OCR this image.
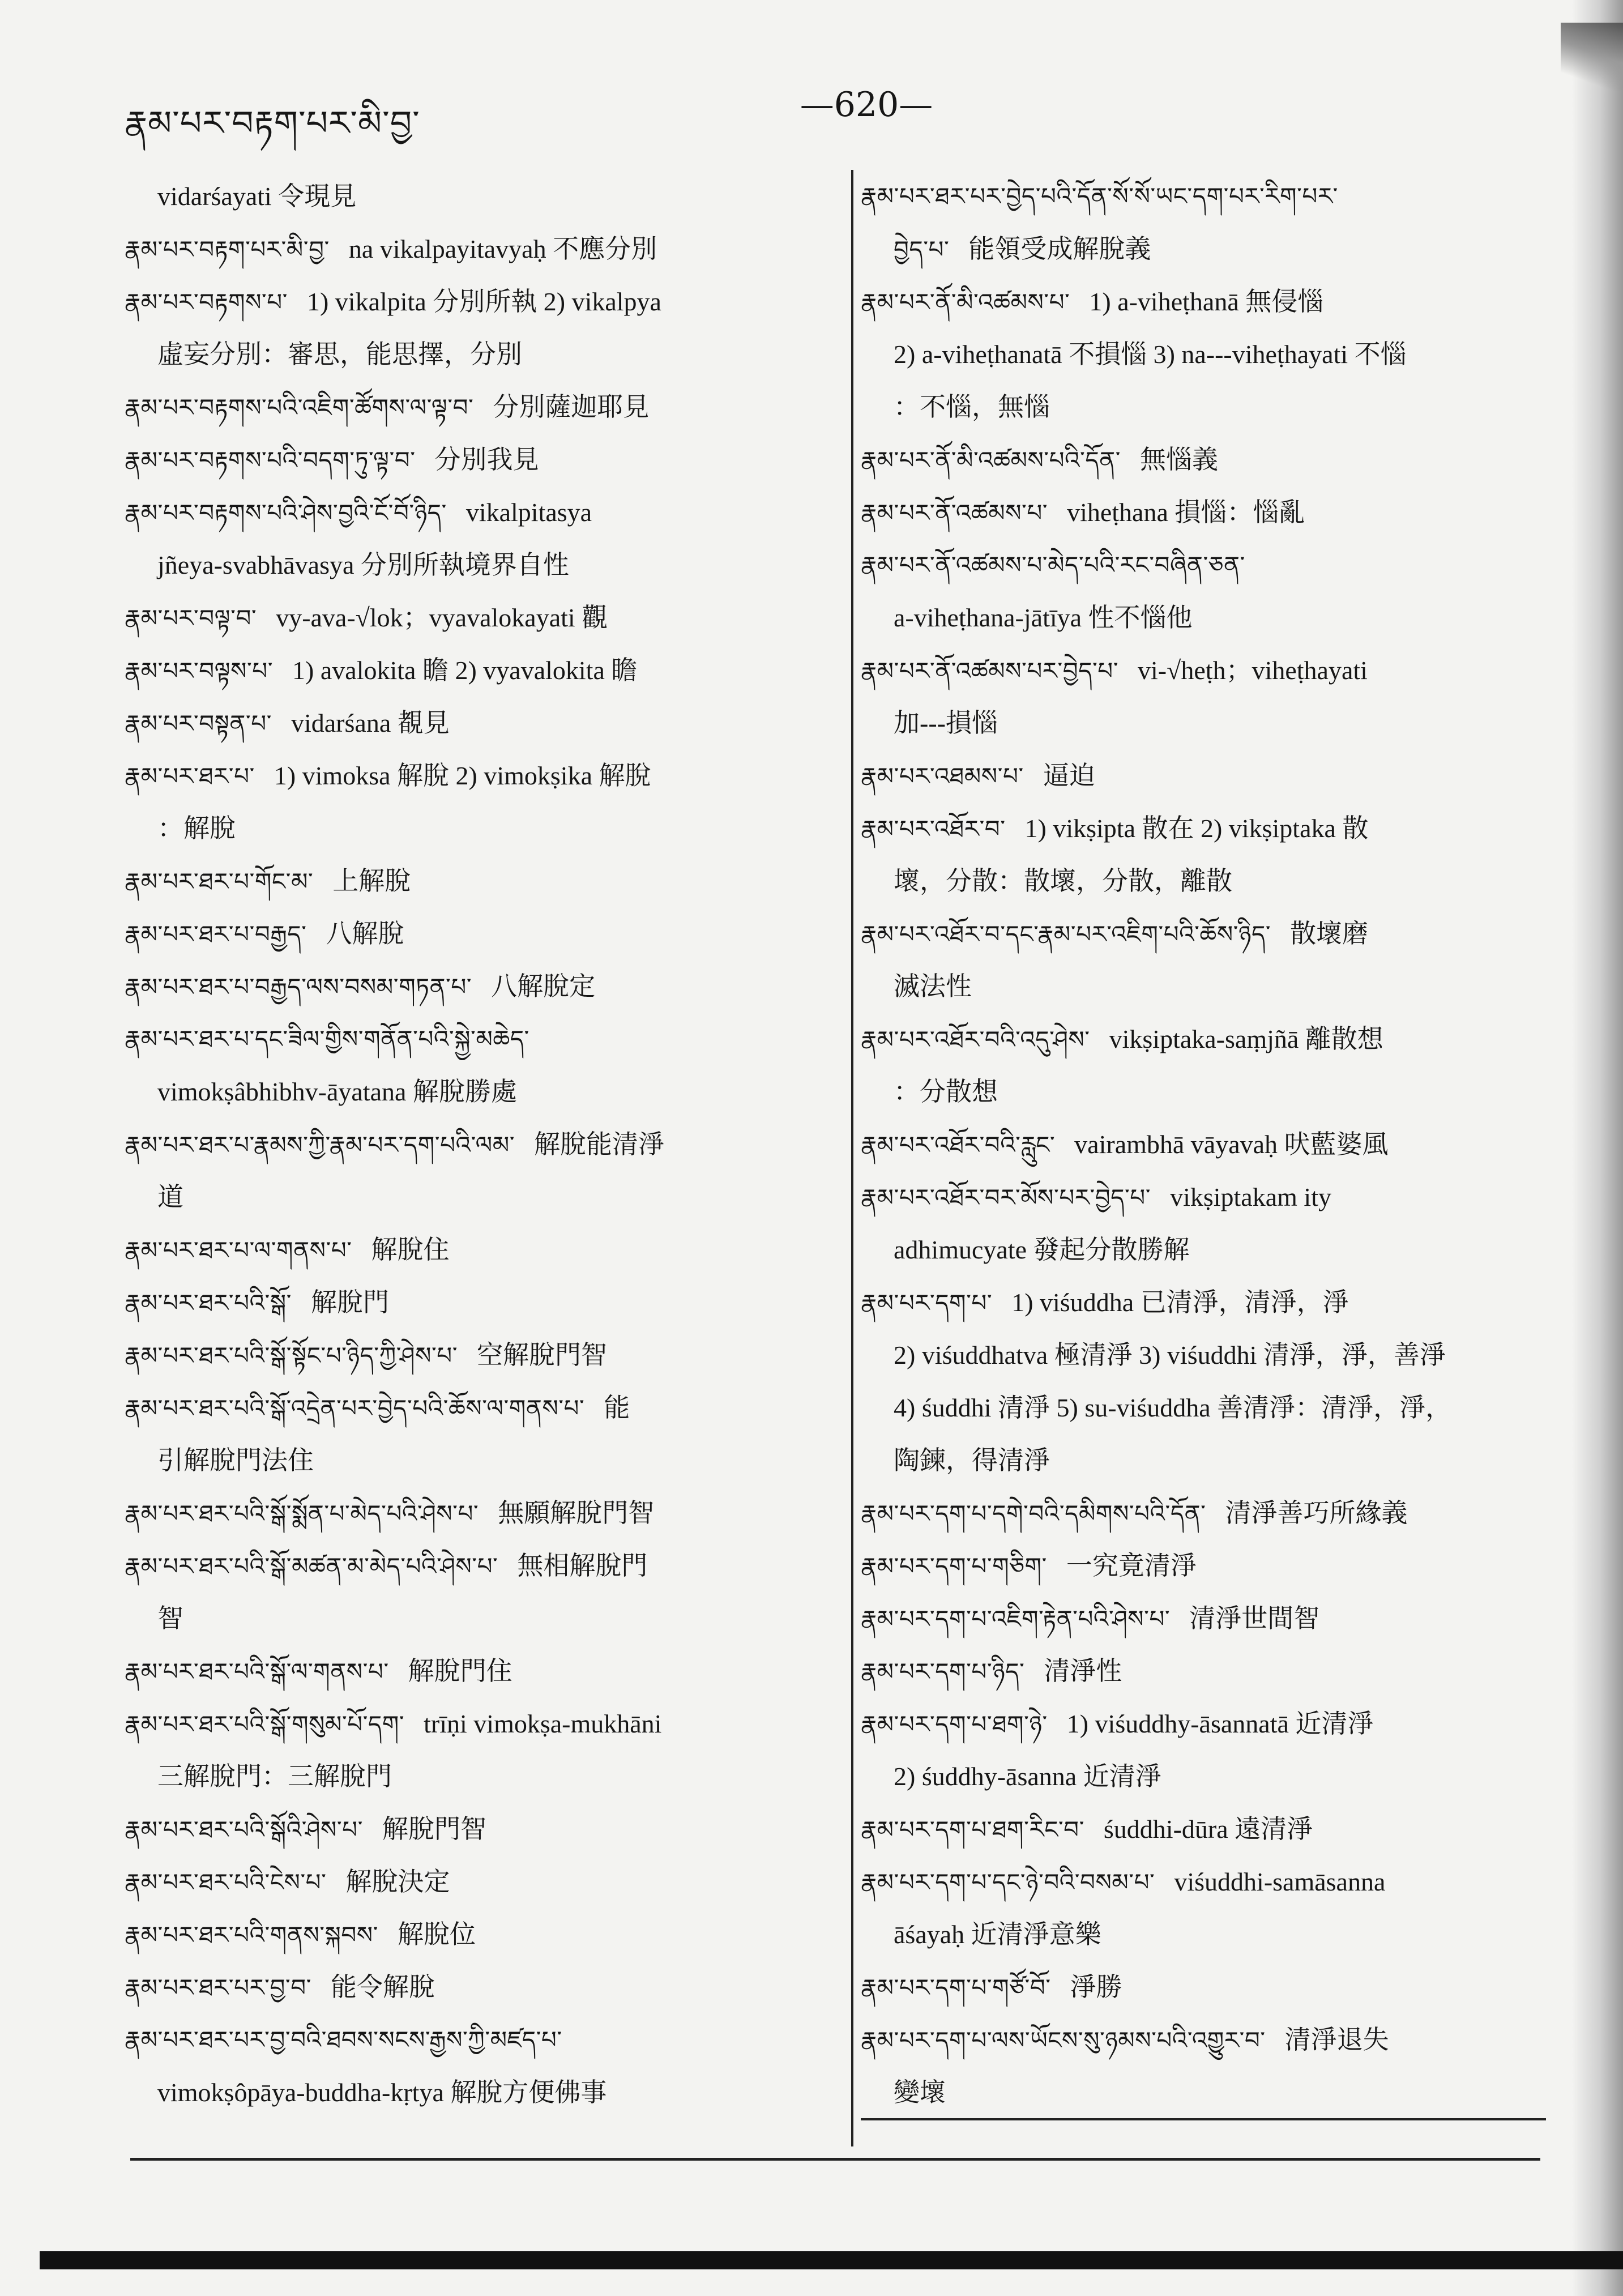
རྣམ་པར་བརྟག་པར་མི་བྱ་	—620—
vidarśayati 令現見
རྣམ་པར་བརྟག་པར་མི་བྱ་ na vikalpayitavyaḥ 不應分別
རྣམ་པར་བརྟགས་པ་ 1) vikalpita 分別所執 2) vikalpya
虛妄分別：審思，能思擇，分別
རྣམ་པར་བརྟགས་པའི་འཇིག་ཚོགས་ལ་ལྟ་བ་ 分別薩迦耶見
རྣམ་པར་བརྟགས་པའི་བདག་ཏུ་ལྟ་བ་ 分別我見
རྣམ་པར་བརྟགས་པའི་ཤེས་བྱའི་ངོ་བོ་ཉིད་ vikalpitasya
jñeya-svabhāvasya 分別所執境界自性
རྣམ་པར་བལྟ་བ་ vy-ava-√lok；vyavalokayati 觀
རྣམ་པར་བལྟས་པ་ 1) avalokita 瞻 2) vyavalokita 瞻
རྣམ་པར་བསྟན་པ་ vidarśana 覩見
རྣམ་པར་ཐར་པ་ 1) vimoksa 解脫 2) vimokṣika 解脫
：解脫
རྣམ་པར་ཐར་པ་གོང་མ་ 上解脫
རྣམ་པར་ཐར་པ་བརྒྱད་ 八解脫
རྣམ་པར་ཐར་པ་བརྒྱད་ལས་བསམ་གཏན་པ་ 八解脫定
རྣམ་པར་ཐར་པ་དང་ཟིལ་གྱིས་གནོན་པའི་སྐྱེ་མཆེད་
vimokṣâbhibhv-āyatana 解脫勝處
རྣམ་པར་ཐར་པ་རྣམས་ཀྱི་རྣམ་པར་དག་པའི་ལམ་ 解脫能清淨
道
རྣམ་པར་ཐར་པ་ལ་གནས་པ་ 解脫住
རྣམ་པར་ཐར་པའི་སྒོ་ 解脫門
རྣམ་པར་ཐར་པའི་སྒོ་སྟོང་པ་ཉིད་ཀྱི་ཤེས་པ་ 空解脫門智
རྣམ་པར་ཐར་པའི་སྒོ་འདྲེན་པར་བྱེད་པའི་ཆོས་ལ་གནས་པ་ 能
引解脫門法住
རྣམ་པར་ཐར་པའི་སྒོ་སྨོན་པ་མེད་པའི་ཤེས་པ་ 無願解脫門智
རྣམ་པར་ཐར་པའི་སྒོ་མཚན་མ་མེད་པའི་ཤེས་པ་ 無相解脫門
智
རྣམ་པར་ཐར་པའི་སྒོ་ལ་གནས་པ་ 解脫門住
རྣམ་པར་ཐར་པའི་སྒོ་གསུམ་པོ་དག་ trīṇi vimokṣa-mukhāni
三解脫門：三解脫門
རྣམ་པར་ཐར་པའི་སྒོའི་ཤེས་པ་ 解脫門智
རྣམ་པར་ཐར་པའི་ངེས་པ་ 解脫決定
རྣམ་པར་ཐར་པའི་གནས་སྐབས་ 解脫位
རྣམ་པར་ཐར་པར་བྱ་བ་ 能令解脫
རྣམ་པར་ཐར་པར་བྱ་བའི་ཐབས་སངས་རྒྱས་ཀྱི་མཛད་པ་
vimokṣôpāya-buddha-kṛtya 解脫方便佛事
རྣམ་པར་ཐར་པར་བྱེད་པའི་དོན་སོ་སོ་ཡང་དག་པར་རིག་པར་
བྱེད་པ་ 能領受成解脫義
རྣམ་པར་ནོ་མི་འཚམས་པ་ 1) a-viheṭhanā 無侵惱
2) a-viheṭhanatā 不損惱 3) na---viheṭhayati 不惱
：不惱，無惱
རྣམ་པར་ནོ་མི་འཚམས་པའི་དོན་ 無惱義
རྣམ་པར་ནོ་འཚམས་པ་ viheṭhana 損惱：惱亂
རྣམ་པར་ནོ་འཚམས་པ་མེད་པའི་རང་བཞིན་ཅན་
a-viheṭhana-jātīya 性不惱他
རྣམ་པར་ནོ་འཚམས་པར་བྱེད་པ་ vi-√heṭh；viheṭhayati
加---損惱
རྣམ་པར་འཐམས་པ་ 逼迫
རྣམ་པར་འཐོར་བ་ 1) vikṣipta 散在 2) vikṣiptaka 散
壞，分散：散壞，分散，離散
རྣམ་པར་འཐོར་བ་དང་རྣམ་པར་འཇིག་པའི་ཆོས་ཉིད་ 散壞磨
滅法性
རྣམ་པར་འཐོར་བའི་འདུ་ཤེས་ vikṣiptaka-saṃjñā 離散想
：分散想
རྣམ་པར་འཐོར་བའི་རླུང་ vairambhā vāyavaḥ 吠藍婆風
རྣམ་པར་འཐོར་བར་མོས་པར་བྱེད་པ་ vikṣiptakam ity
adhimucyate 發起分散勝解
རྣམ་པར་དག་པ་ 1) viśuddha 已清淨，清淨，淨
2) viśuddhatva 極清淨 3) viśuddhi 清淨，淨，善淨
4) śuddhi 清淨 5) su-viśuddha 善清淨：清淨，淨，
陶鍊，得清淨
རྣམ་པར་དག་པ་དགེ་བའི་དམིགས་པའི་དོན་ 清淨善巧所緣義
རྣམ་པར་དག་པ་གཅིག་ 一究竟清淨
རྣམ་པར་དག་པ་འཇིག་རྟེན་པའི་ཤེས་པ་ 清淨世間智
རྣམ་པར་དག་པ་ཉིད་ 清淨性
རྣམ་པར་དག་པ་ཐག་ཉེ་ 1) viśuddhy-āsannatā 近清淨
2) śuddhy-āsanna 近清淨
རྣམ་པར་དག་པ་ཐག་རིང་བ་ śuddhi-dūra 遠清淨
རྣམ་པར་དག་པ་དང་ཉེ་བའི་བསམ་པ་ viśuddhi-samāsanna
āśayaḥ 近清淨意樂
རྣམ་པར་དག་པ་གཙོ་བོ་ 淨勝
རྣམ་པར་དག་པ་ལས་ཡོངས་སུ་ཉམས་པའི་འགྱུར་བ་ 清淨退失
變壞
